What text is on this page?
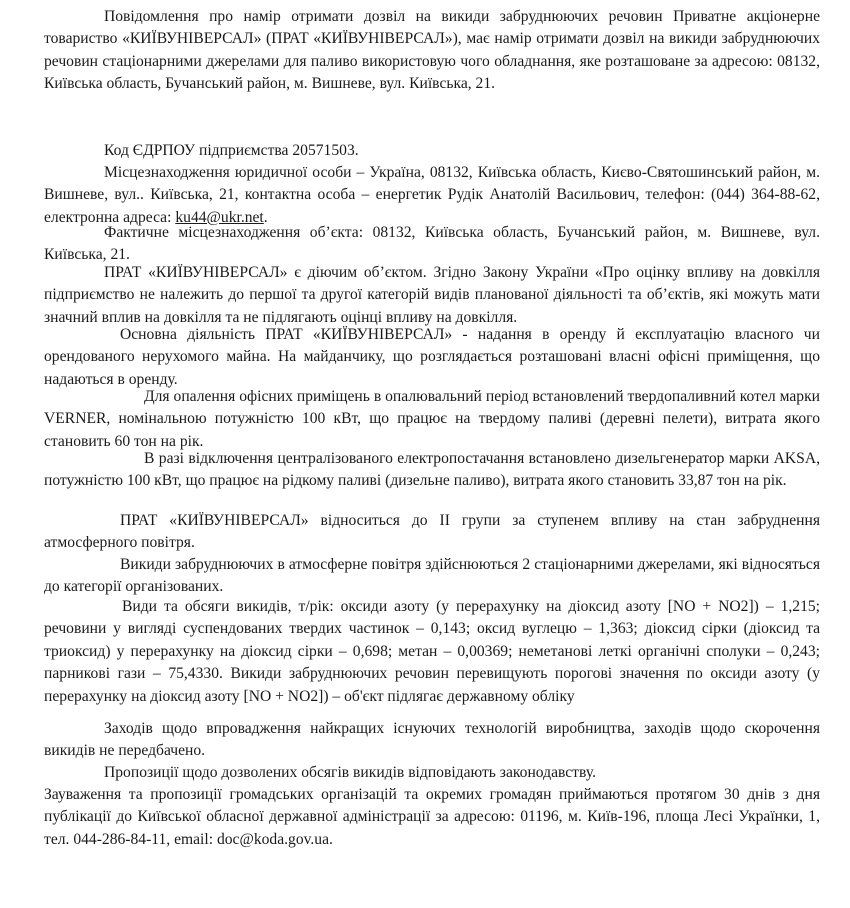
Повідомлення про намір отримати дозвіл на викиди забруднюючих речовин Приватне акціонерне товариство «КИЇВУНІВЕРСАЛ» (ПРАТ «КИЇВУНІВЕРСАЛ»), має намір отримати дозвіл на викиди забруднюючих речовин стаціонарними джерелами для паливо використовую чого обладнання, яке розташоване за адресою: 08132, Київська область, Бучанський район, м. Вишневе, вул. Київська, 21.

Код ЄДРПОУ підприємства 20571503.

Місцезнаходження юридичної особи – Україна, 08132, Київська область, Києво-Святошинський район, м. Вишневе, вул.. Київська, 21, контактна особа – енергетик Рудік Анатолій Васильович, телефон: (044) 364-88-62, електронна адреса: ku44@ukr.net.

Фактичне місцезнаходження об’єкта: 08132, Київська область, Бучанський район, м. Вишневе, вул. Київська, 21.

ПРАТ «КИЇВУНІВЕРСАЛ» є діючим об’єктом. Згідно Закону України «Про оцінку впливу на довкілля підприємство не належить до першої та другої категорій видів планованої діяльності та об’єктів, які можуть мати значний вплив на довкілля та не підлягають оцінці впливу на довкілля.

Основна діяльність ПРАТ «КИЇВУНІВЕРСАЛ» - надання в оренду й експлуатацію власного чи орендованого нерухомого майна. На майданчику, що розглядається розташовані власні офісні приміщення, що надаються в оренду.

Для опалення офісних приміщень в опалювальний період встановлений твердопаливний котел марки VERNER, номінальною потужністю 100 кВт, що працює на твердому паливі (деревні пелети), витрата якого становить 60 тон на рік.

В разі відключення централізованого електропостачання встановлено дизельгенератор марки AKSA, потужністю 100 кВт, що працює на рідкому паливі (дизельне паливо), витрата якого становить 33,87 тон на рік.

ПРАТ «КИЇВУНІВЕРСАЛ» відноситься до II групи за ступенем впливу на стан забруднення атмосферного повітря.

Викиди забруднюючих в атмосферне повітря здійснюються 2 стаціонарними джерелами, які відносяться до категорії організованих.

Види та обсяги викидів, т/рік: оксиди азоту (у перерахунку на діоксид азоту [NO + NO2]) – 1,215; речовини у вигляді суспендованих твердих частинок – 0,143; оксид вуглецю – 1,363; діоксид сірки (діоксид та триоксид) у перерахунку на діоксид сірки – 0,698; метан – 0,00369; неметанові леткі органічні сполуки – 0,243; парникові гази – 75,4330. Викиди забруднюючих речовин перевищують порогові значення по оксиди азоту (у перерахунку на діоксид азоту [NO + NO2]) – об'єкт підлягає державному обліку

Заходів щодо впровадження найкращих існуючих технологій виробництва, заходів щодо скорочення викидів не передбачено.

Пропозиції щодо дозволених обсягів викидів відповідають законодавству.

Зауваження та пропозиції громадських організацій та окремих громадян приймаються протягом 30 днів з дня публікації до Київської обласної державної адміністрації за адресою: 01196, м. Київ-196, площа Лесі Українки, 1, тел. 044-286-84-11, email: doc@koda.gov.ua.
